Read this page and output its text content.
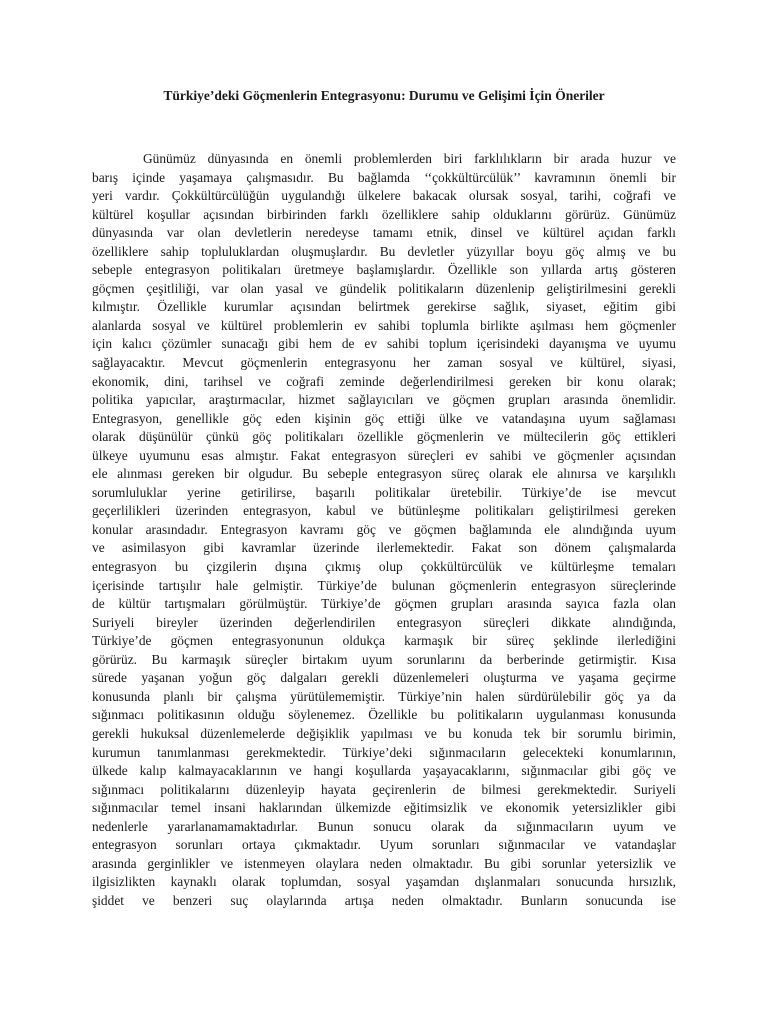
Türkiye’deki Göçmenlerin Entegrasyonu: Durumu ve Gelişimi İçin Öneriler
Günümüz dünyasında en önemli problemlerden biri farklılıkların bir arada huzur ve
barış içinde yaşamaya çalışmasıdır. Bu bağlamda ‘‘çokkültürcülük’’ kavramının önemli bir
yeri vardır. Çokkültürcülüğün uygulandığı ülkelere bakacak olursak sosyal, tarihi, coğrafi ve
kültürel koşullar açısından birbirinden farklı özelliklere sahip olduklarını görürüz. Günümüz
dünyasında var olan devletlerin neredeyse tamamı etnik, dinsel ve kültürel açıdan farklı
özelliklere sahip topluluklardan oluşmuşlardır. Bu devletler yüzyıllar boyu göç almış ve bu
sebeple entegrasyon politikaları üretmeye başlamışlardır. Özellikle son yıllarda artış gösteren
göçmen çeşitliliği, var olan yasal ve gündelik politikaların düzenlenip geliştirilmesini gerekli
kılmıştır. Özellikle kurumlar açısından belirtmek gerekirse sağlık, siyaset, eğitim gibi
alanlarda sosyal ve kültürel problemlerin ev sahibi toplumla birlikte aşılması hem göçmenler
için kalıcı çözümler sunacağı gibi hem de ev sahibi toplum içerisindeki dayanışma ve uyumu
sağlayacaktır. Mevcut göçmenlerin entegrasyonu her zaman sosyal ve kültürel, siyasi,
ekonomik, dini, tarihsel ve coğrafi zeminde değerlendirilmesi gereken bir konu olarak;
politika yapıcılar, araştırmacılar, hizmet sağlayıcıları ve göçmen grupları arasında önemlidir.
Entegrasyon, genellikle göç eden kişinin göç ettiği ülke ve vatandaşına uyum sağlaması
olarak düşünülür çünkü göç politikaları özellikle göçmenlerin ve mültecilerin göç ettikleri
ülkeye uyumunu esas almıştır. Fakat entegrasyon süreçleri ev sahibi ve göçmenler açısından
ele alınması gereken bir olgudur. Bu sebeple entegrasyon süreç olarak ele alınırsa ve karşılıklı
sorumluluklar yerine getirilirse, başarılı politikalar üretebilir. Türkiye’de ise mevcut
geçerlilikleri üzerinden entegrasyon, kabul ve bütünleşme politikaları geliştirilmesi gereken
konular arasındadır. Entegrasyon kavramı göç ve göçmen bağlamında ele alındığında uyum
ve asimilasyon gibi kavramlar üzerinde ilerlemektedir. Fakat son dönem çalışmalarda
entegrasyon bu çizgilerin dışına çıkmış olup çokkültürcülük ve kültürleşme temaları
içerisinde tartışılır hale gelmiştir. Türkiye’de bulunan göçmenlerin entegrasyon süreçlerinde
de kültür tartışmaları görülmüştür. Türkiye’de göçmen grupları arasında sayıca fazla olan
Suriyeli bireyler üzerinden değerlendirilen entegrasyon süreçleri dikkate alındığında,
Türkiye’de göçmen entegrasyonunun oldukça karmaşık bir süreç şeklinde ilerlediğini
görürüz. Bu karmaşık süreçler birtakım uyum sorunlarını da berberinde getirmiştir. Kısa
sürede yaşanan yoğun göç dalgaları gerekli düzenlemeleri oluşturma ve yaşama geçirme
konusunda planlı bir çalışma yürütülememiştir. Türkiye’nin halen sürdürülebilir göç ya da
sığınmacı politikasının olduğu söylenemez. Özellikle bu politikaların uygulanması konusunda
gerekli hukuksal düzenlemelerde değişiklik yapılması ve bu konuda tek bir sorumlu birimin,
kurumun tanımlanması gerekmektedir. Türkiye’deki sığınmacıların gelecekteki konumlarının,
ülkede kalıp kalmayacaklarının ve hangi koşullarda yaşayacaklarını, sığınmacılar gibi göç ve
sığınmacı politikalarını düzenleyip hayata geçirenlerin de bilmesi gerekmektedir. Suriyeli
sığınmacılar temel insani haklarından ülkemizde eğitimsizlik ve ekonomik yetersizlikler gibi
nedenlerle yararlanamamaktadırlar. Bunun sonucu olarak da sığınmacıların uyum ve
entegrasyon sorunları ortaya çıkmaktadır. Uyum sorunları sığınmacılar ve vatandaşlar
arasında gerginlikler ve istenmeyen olaylara neden olmaktadır. Bu gibi sorunlar yetersizlik ve
ilgisizlikten kaynaklı olarak toplumdan, sosyal yaşamdan dışlanmaları sonucunda hırsızlık,
şiddet ve benzeri suç olaylarında artışa neden olmaktadır. Bunların sonucunda ise
